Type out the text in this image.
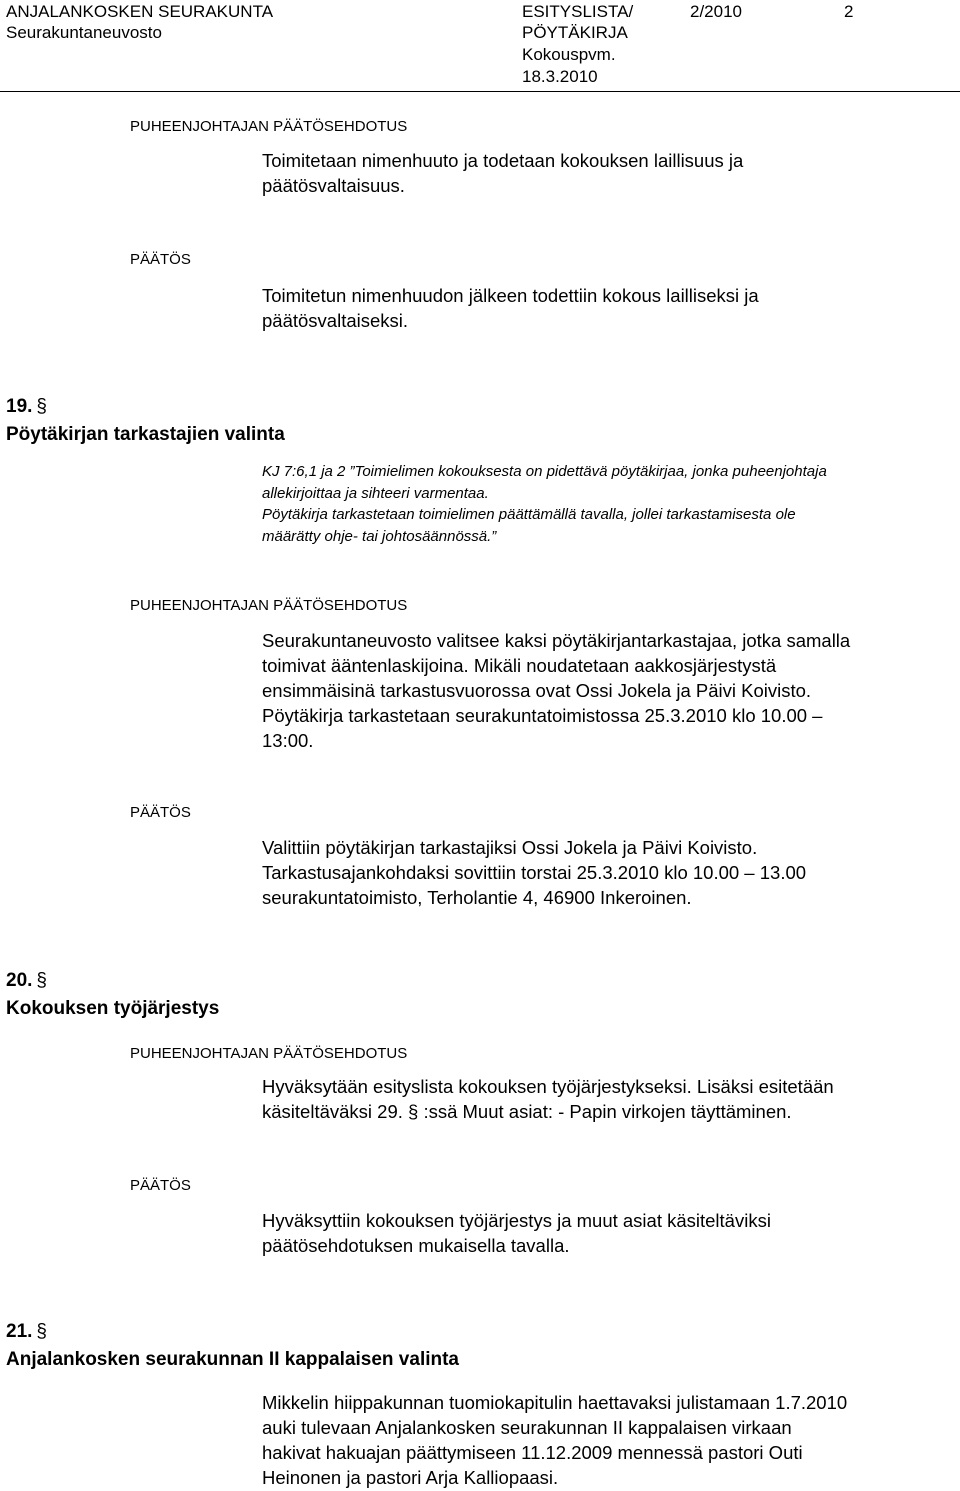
ANJALANKOSKEN SEURAKUNTA
Seurakuntaneuvosto
ESITYSLISTA/
PÖYTÄKIRJA
Kokouspvm.
18.3.2010
2/2010	2
PUHEENJOHTAJAN PÄÄTÖSEHDOTUS
Toimitetaan nimenhuuto ja todetaan kokouksen laillisuus ja
päätösvaltaisuus.
PÄÄTÖS
Toimitetun nimenhuudon jälkeen todettiin kokous lailliseksi ja
päätösvaltaiseksi.
19. §
Pöytäkirjan tarkastajien valinta
KJ 7:6,1 ja 2 ”Toimielimen kokouksesta on pidettävä pöytäkirjaa, jonka puheenjohtaja
allekirjoittaa ja sihteeri varmentaa.
Pöytäkirja tarkastetaan toimielimen päättämällä tavalla, jollei tarkastamisesta ole
määrätty ohje- tai johtosäännössä.”
PUHEENJOHTAJAN PÄÄTÖSEHDOTUS
Seurakuntaneuvosto valitsee kaksi pöytäkirjantarkastajaa, jotka samalla
toimivat ääntenlaskijoina. Mikäli noudatetaan aakkosjärjestystä
ensimmäisinä tarkastusvuorossa ovat Ossi Jokela ja Päivi Koivisto.
Pöytäkirja tarkastetaan seurakuntatoimistossa 25.3.2010 klo 10.00 –
13:00.
PÄÄTÖS
Valittiin pöytäkirjan tarkastajiksi Ossi Jokela ja Päivi Koivisto.
Tarkastusajankohdaksi sovittiin torstai 25.3.2010 klo 10.00 – 13.00
seurakuntatoimisto, Terholantie 4, 46900 Inkeroinen.
20. §
Kokouksen työjärjestys
PUHEENJOHTAJAN PÄÄTÖSEHDOTUS
Hyväksytään esityslista kokouksen työjärjestykseksi. Lisäksi esitetään
käsiteltäväksi 29. § :ssä Muut asiat: - Papin virkojen täyttäminen.
PÄÄTÖS
Hyväksyttiin kokouksen työjärjestys ja muut asiat käsiteltäviksi
päätösehdotuksen mukaisella tavalla.
21. §
Anjalankosken seurakunnan II kappalaisen valinta
Mikkelin hiippakunnan tuomiokapitulin haettavaksi julistamaan 1.7.2010
auki tulevaan Anjalankosken seurakunnan II kappalaisen virkaan
hakivat hakuajan päättymiseen 11.12.2009 mennessä pastori Outi
Heinonen ja pastori Arja Kalliopaasi.
